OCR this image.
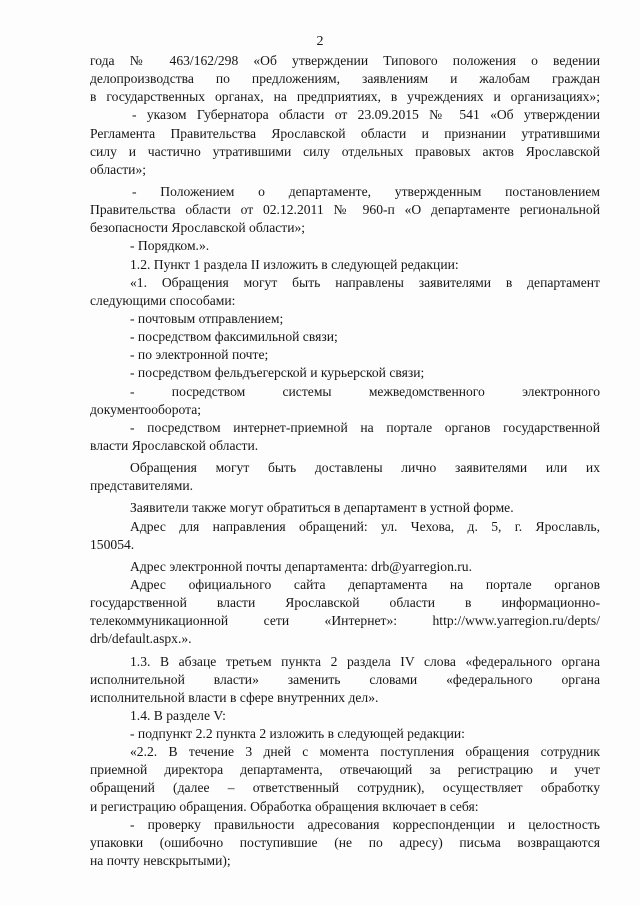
2
года № 463/162/298 «Об утверждении Типового положения о ведении
делопроизводства по предложениям, заявлениям и жалобам граждан
в государственных органах, на предприятиях, в учреждениях и организациях»;
- указом Губернатора области от 23.09.2015 № 541 «Об утверждении
Регламента Правительства Ярославской области и признании утратившими
силу и частично утратившими силу отдельных правовых актов Ярославской
области»;
- Положением о департаменте, утвержденным постановлением
Правительства области от 02.12.2011 № 960-п «О департаменте региональной
безопасности Ярославской области»;
- Порядком.».
1.2. Пункт 1 раздела II изложить в следующей редакции:
«1. Обращения могут быть направлены заявителями в департамент
следующими способами:
- почтовым отправлением;
- посредством факсимильной связи;
- по электронной почте;
- посредством фельдъегерской и курьерской связи;
- посредством системы межведомственного электронного
документооборота;
- посредством интернет-приемной на портале органов государственной
власти Ярославской области.
Обращения могут быть доставлены лично заявителями или их
представителями.
Заявители также могут обратиться в департамент в устной форме.
Адрес для направления обращений: ул. Чехова, д. 5, г. Ярославль,
150054.
Адрес электронной почты департамента: drb@yarregion.ru.
Адрес официального сайта департамента на портале органов
государственной власти Ярославской области в информационно-
телекоммуникационной сети «Интернет»: http://www.yarregion.ru/depts/
drb/default.aspx.».
1.3. В абзаце третьем пункта 2 раздела IV слова «федерального органа
исполнительной власти» заменить словами «федерального органа
исполнительной власти в сфере внутренних дел».
1.4. В разделе V:
- подпункт 2.2 пункта 2 изложить в следующей редакции:
«2.2. В течение 3 дней с момента поступления обращения сотрудник
приемной директора департамента, отвечающий за регистрацию и учет
обращений (далее – ответственный сотрудник), осуществляет обработку
и регистрацию обращения. Обработка обращения включает в себя:
- проверку правильности адресования корреспонденции и целостность
упаковки (ошибочно поступившие (не по адресу) письма возвращаются
на почту невскрытыми);
